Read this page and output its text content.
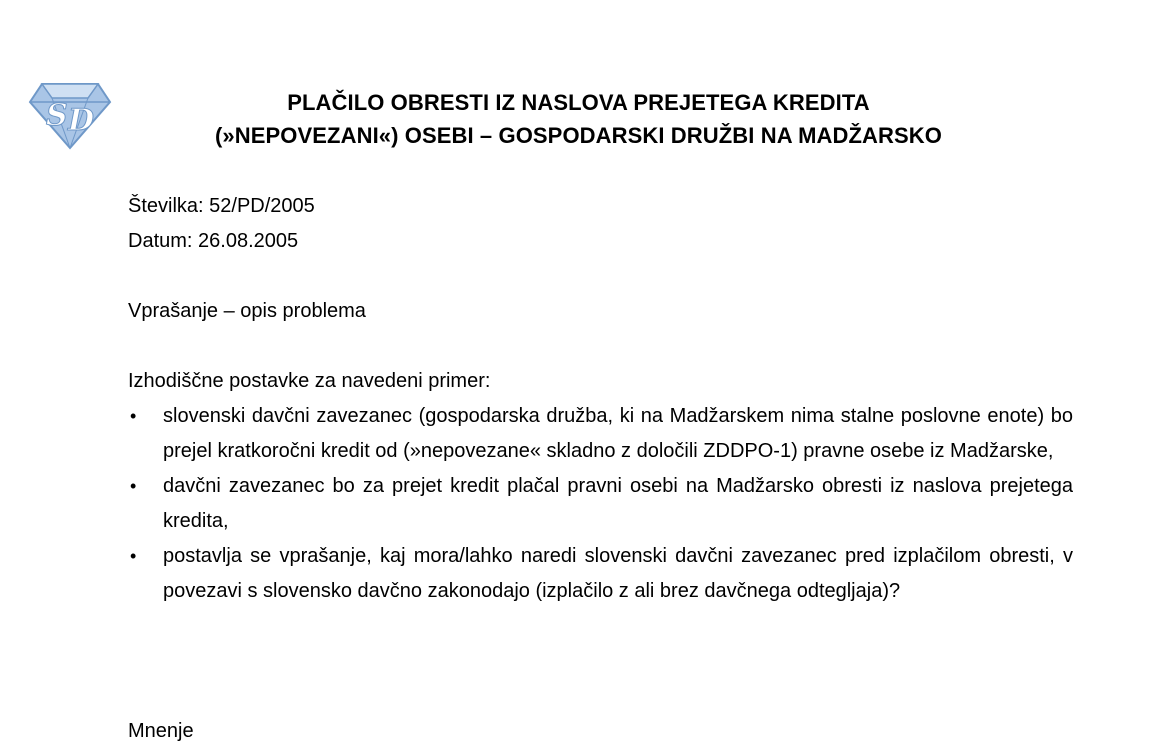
S D
PLAČILO OBRESTI IZ NASLOVA PREJETEGA KREDITA
(»NEPOVEZANI«) OSEBI – GOSPODARSKI DRUŽBI NA MADŽARSKO
Številka: 52/PD/2005
Datum: 26.08.2005
Vprašanje – opis problema
Izhodiščne postavke za navedeni primer:
• slovenski davčni zavezanec (gospodarska družba, ki na Madžarskem nima stalne poslovne enote) bo prejel kratkoročni kredit od (»nepovezane« skladno z določili ZDDPO-1) pravne osebe iz Madžarske,
• davčni zavezanec bo za prejet kredit plačal pravni osebi na Madžarsko obresti iz naslova prejetega kredita,
• postavlja se vprašanje, kaj mora/lahko naredi slovenski davčni zavezanec pred izplačilom obresti, v povezavi s slovensko davčno zakonodajo (izplačilo z ali brez davčnega odtegljaja)?
Mnenje
